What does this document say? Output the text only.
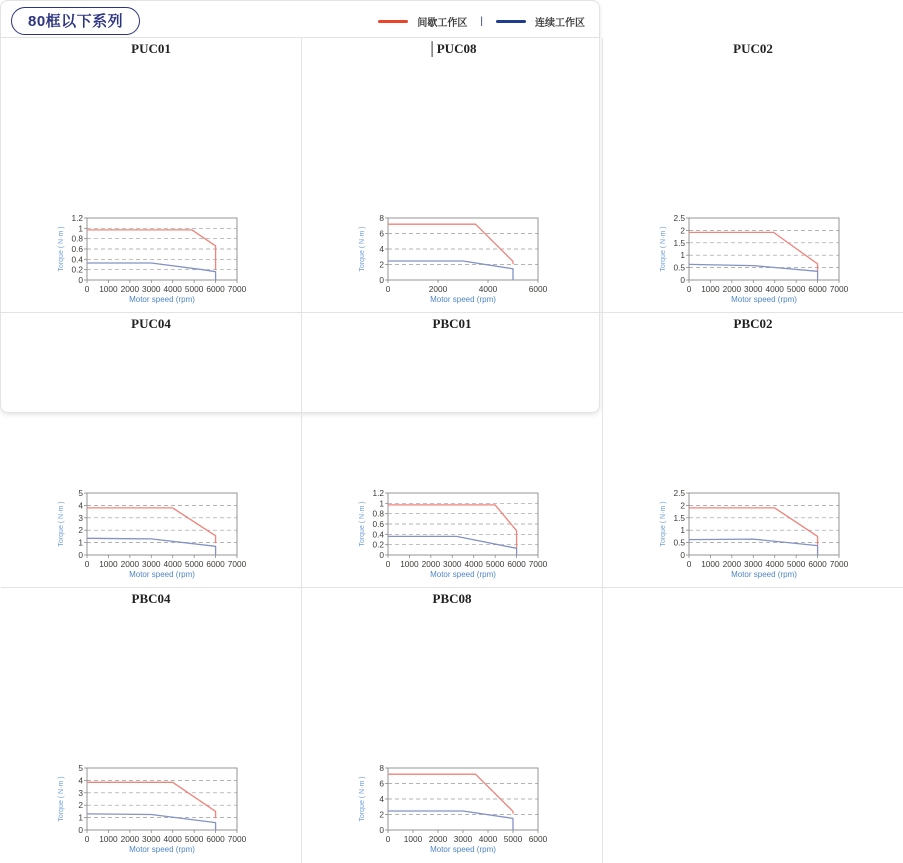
80框以下系列	间歇工作区 |	连续工作区
PUC01
0 1000 2000 3000 4000 5000 6000 7000
0
0.2
0.4
0.6
0.8
1
1.2
Motor speed (rpm)
Torque ( N·m )
│PUC08
0	2000	4000	6000
0
2
4
6
8
Motor speed (rpm)
Torque ( N·m )
PUC02
0 1000 2000 3000 4000 5000 6000 7000
0
0.5
1
1.5
2
2.5
Motor speed (rpm)
Torque ( N·m )
PUC04
0 1000 2000 3000 4000 5000 6000 7000
0
1
2
3
4
5
Motor speed (rpm)
Torque ( N·m )
PBC01
0 1000 2000 3000 4000 5000 6000 7000
0
0.2
0.4
0.6
0.8
1
1.2
Motor speed (rpm)
Torque ( N·m )
PBC02
0 1000 2000 3000 4000 5000 6000 7000
0
0.5
1
1.5
2
2.5
Motor speed (rpm)
Torque ( N·m )
PBC04
0 1000 2000 3000 4000 5000 6000 7000
0
1
2
3
4
5
Motor speed (rpm)
Torque ( N·m )
PBC08
0 1000 2000 3000 4000 5000 6000
0
2
4
6
8
Motor speed (rpm)
Torque ( N·m )
